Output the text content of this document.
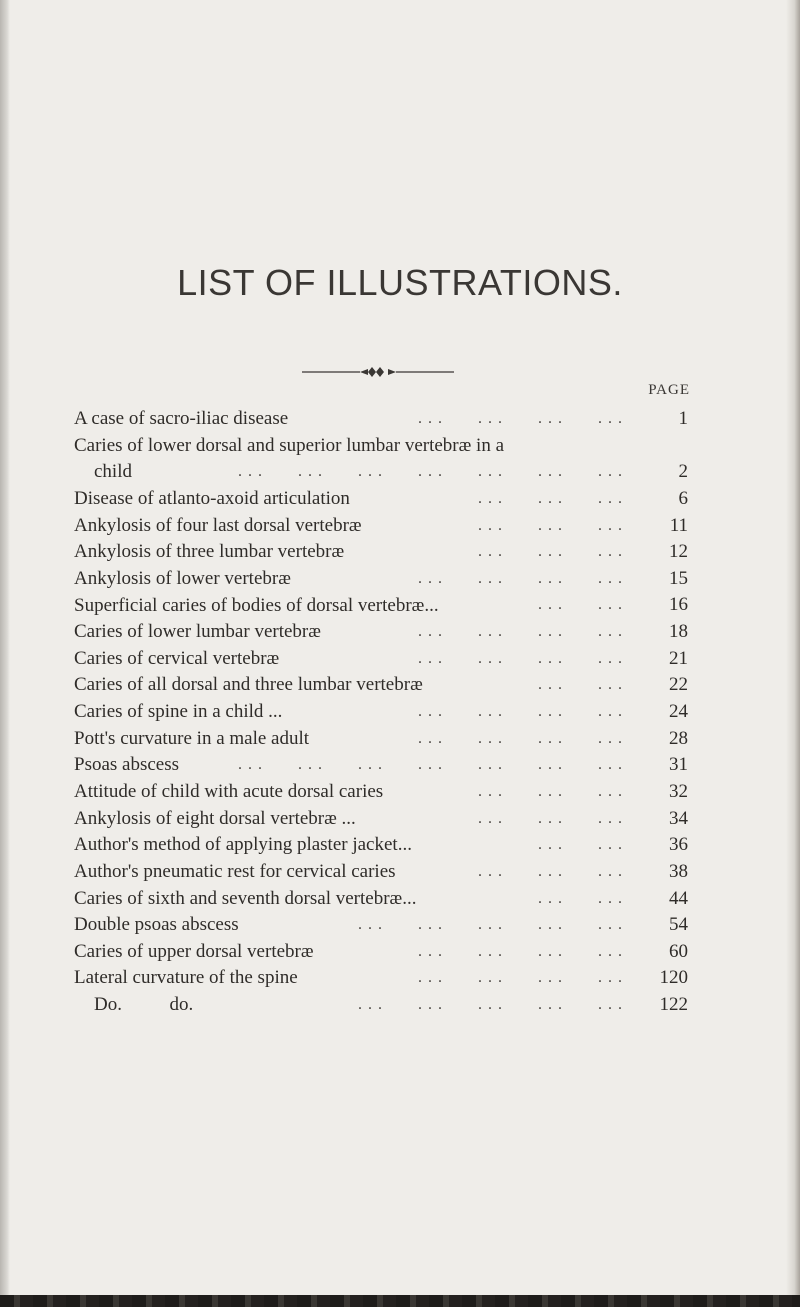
LIST OF ILLUSTRATIONS.
PAGE
A case of sacro-iliac disease	...   ...   ...   ...	1
Caries of lower dorsal and superior lumbar vertebræ in a
child	...   ...   ...   ...   ...   ...   ...	2
Disease of atlanto-axoid articulation	...   ...   ...	6
Ankylosis of four last dorsal vertebræ	...   ...   ...	11
Ankylosis of three lumbar vertebræ	...   ...   ...	12
Ankylosis of lower vertebræ	...   ...   ...   ...	15
Superficial caries of bodies of dorsal vertebræ...	...   ...	16
Caries of lower lumbar vertebræ	...   ...   ...   ...	18
Caries of cervical vertebræ	...   ...   ...   ...	21
Caries of all dorsal and three lumbar vertebræ	...   ...	22
Caries of spine in a child ...	...   ...   ...   ...	24
Pott's curvature in a male adult	...   ...   ...   ...	28
Psoas abscess	...   ...   ...   ...   ...   ...   ...	31
Attitude of child with acute dorsal caries	...   ...   ...	32
Ankylosis of eight dorsal vertebræ ...	...   ...   ...	34
Author's method of applying plaster jacket...	...   ...	36
Author's pneumatic rest for cervical caries	...   ...   ...	38
Caries of sixth and seventh dorsal vertebræ...	...   ...	44
Double psoas abscess	...   ...   ...   ...   ...	54
Caries of upper dorsal vertebræ	...   ...   ...   ...	60
Lateral curvature of the spine	...   ...   ...   ...	120
Do.          do.	...   ...   ...   ...   ...	122
